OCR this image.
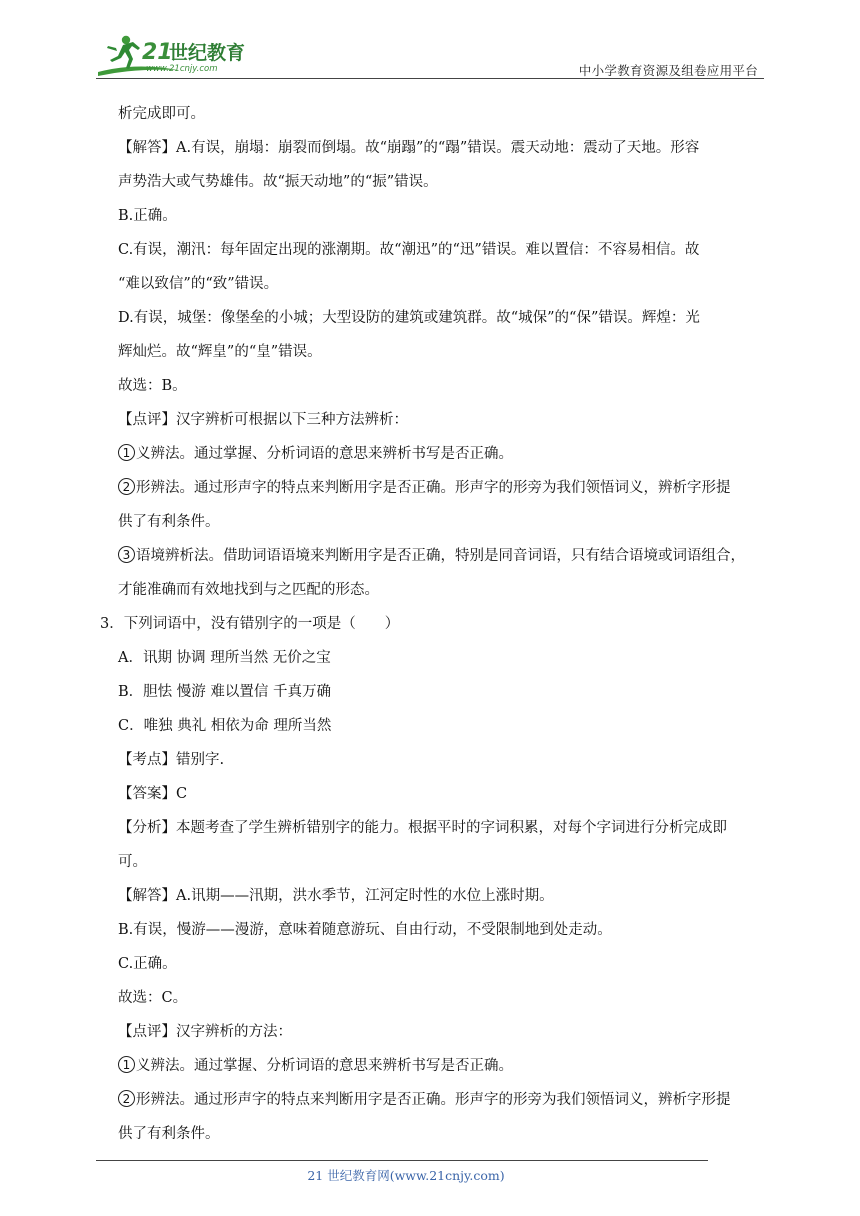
21
世纪教育
www.21cnjy.com	中小学教育资源及组卷应用平台
析完成即可。
【解答】A.有误，崩塌：崩裂而倒塌。故“崩蹋”的“蹋”错误。震天动地：震动了天地。形容
声势浩大或气势雄伟。故“振天动地”的“振”错误。
B.正确。
C.有误，潮汛：每年固定出现的涨潮期。故“潮迅”的“迅”错误。难以置信：不容易相信。故
“难以致信”的“致”错误。
D.有误，城堡：像堡垒的小城；大型设防的建筑或建筑群。故“城保”的“保”错误。辉煌：光
辉灿烂。故“辉皇”的“皇”错误。
故选：B。
【点评】汉字辨析可根据以下三种方法辨析：
1 义辨法。通过掌握、分析词语的意思来辨析书写是否正确。
2 形辨法。通过形声字的特点来判断用字是否正确。形声字的形旁为我们领悟词义，辨析字形提
供了有利条件。
3 语境辨析法。借助词语语境来判断用字是否正确，特别是同音词语，只有结合语境或词语组合，
才能准确而有效地找到与之匹配的形态。
3．下列词语中，没有错别字的一项是（　　）
A．讯期 协调 理所当然 无价之宝
B．胆怯 慢游 难以置信 千真万确
C．唯独 典礼 相依为命 理所当然
【考点】错别字.
【答案】C
【分析】本题考查了学生辨析错别字的能力。根据平时的字词积累，对每个字词进行分析完成即
可。
【解答】A.讯期——汛期，洪水季节，江河定时性的水位上涨时期。
B.有误，慢游——漫游，意味着随意游玩、自由行动，不受限制地到处走动。
C.正确。
故选：C。
【点评】汉字辨析的方法：
1 义辨法。通过掌握、分析词语的意思来辨析书写是否正确。
2 形辨法。通过形声字的特点来判断用字是否正确。形声字的形旁为我们领悟词义，辨析字形提
供了有利条件。
21 世纪教育网(www.21cnjy.com)
